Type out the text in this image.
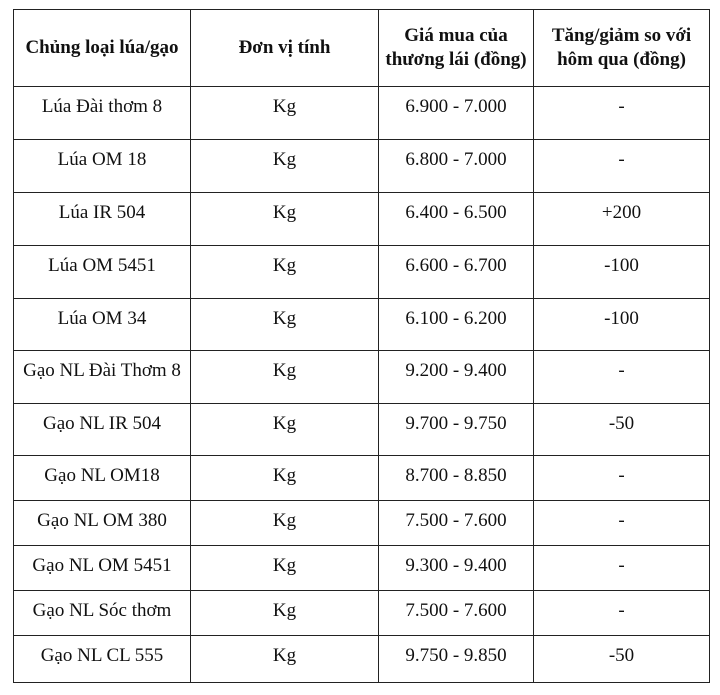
Chủng loại lúa/gạo	Đơn vị tính	Giá mua của thương lái (đồng)	Tăng/giảm so với hôm qua (đồng)
Lúa Đài thơm 8	Kg	6.900 - 7.000	-
Lúa OM 18	Kg	6.800 - 7.000	-
Lúa IR 504	Kg	6.400 - 6.500	+200
Lúa OM 5451	Kg	6.600 - 6.700	-100
Lúa OM 34	Kg	6.100 - 6.200	-100
Gạo NL Đài Thơm 8	Kg	9.200 - 9.400	-
Gạo NL IR 504	Kg	9.700 - 9.750	-50
Gạo NL OM18	Kg	8.700 - 8.850	-
Gạo NL OM 380	Kg	7.500 - 7.600	-
Gạo NL OM 5451	Kg	9.300 - 9.400	-
Gạo NL Sóc thơm	Kg	7.500 - 7.600	-
Gạo NL CL 555	Kg	9.750 - 9.850	-50
